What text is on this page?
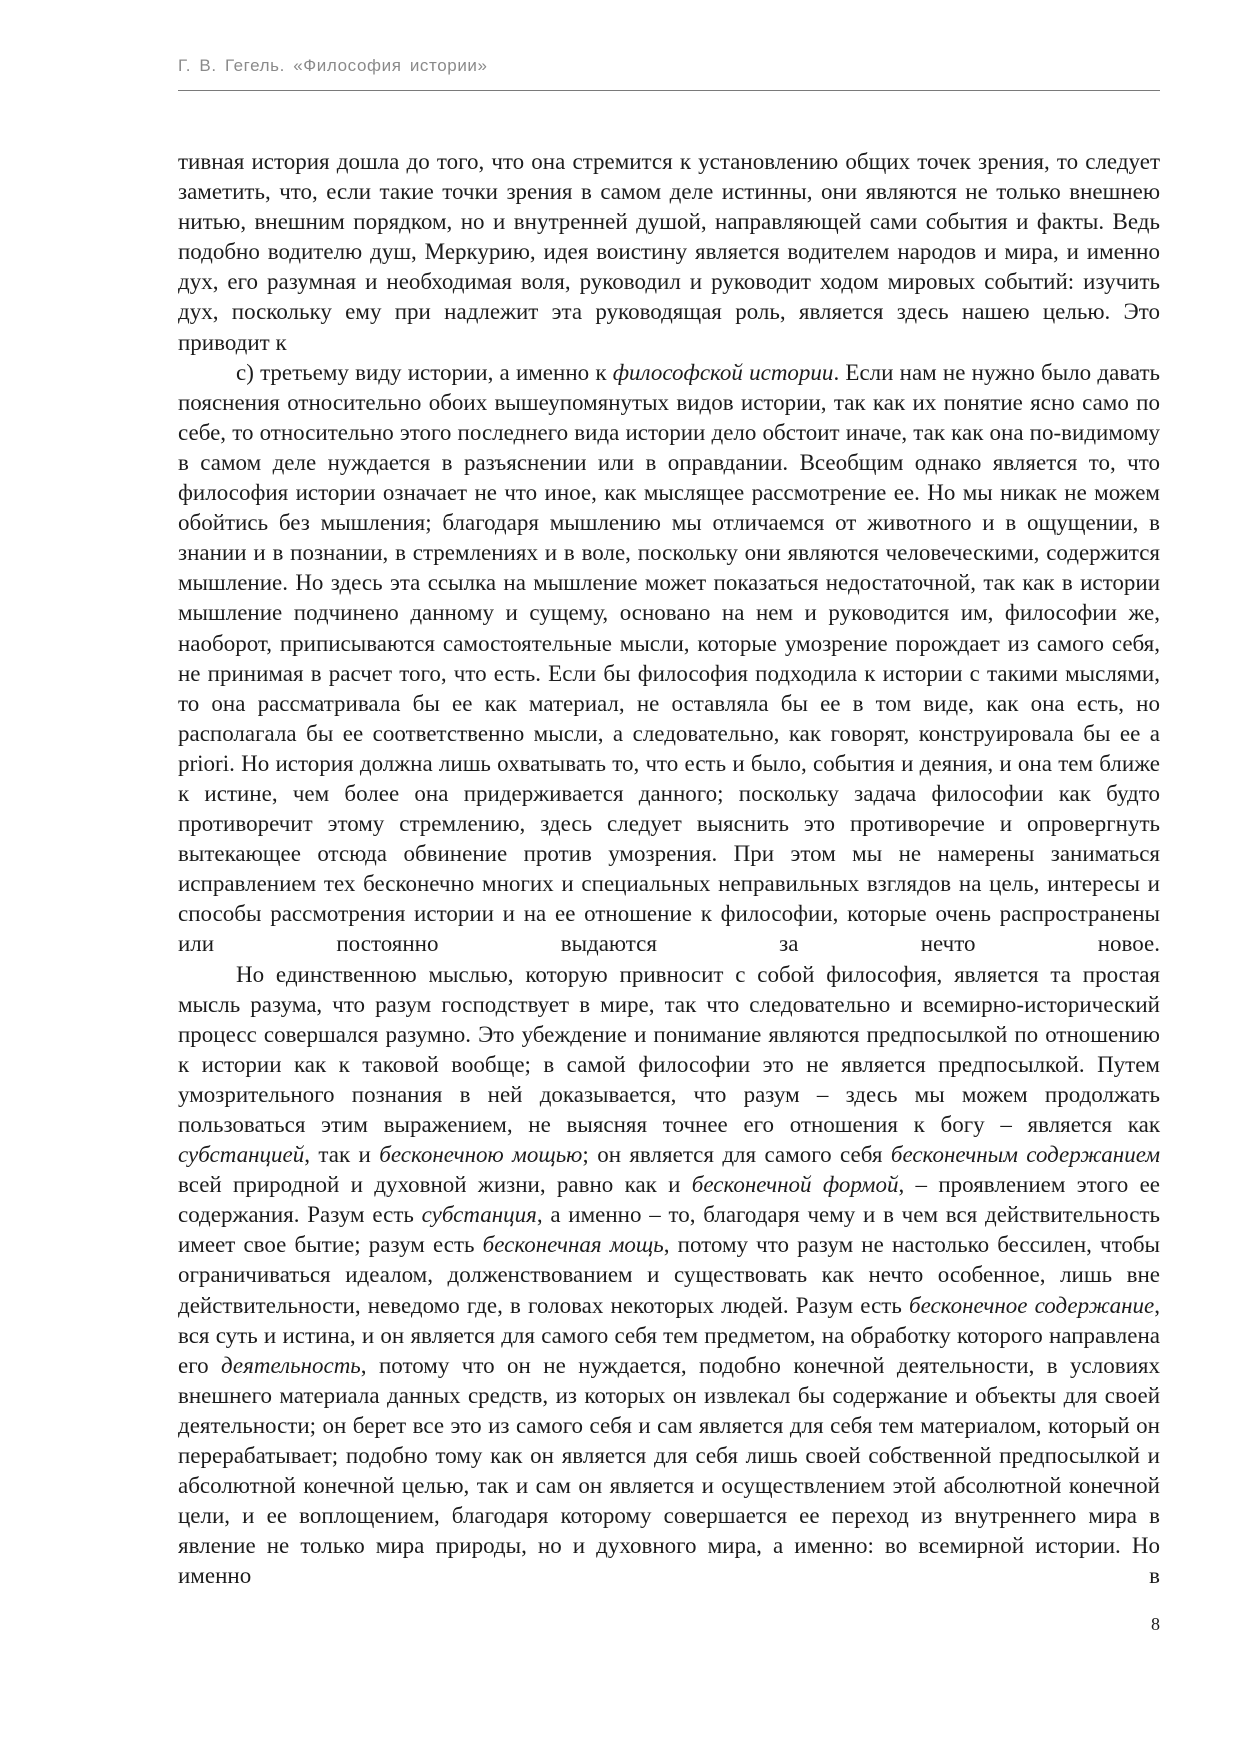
Г. В. Гегель. «Философия истории»

тивная история дошла до того, что она стремится к установлению общих точек зрения, то следует заметить, что, если такие точки зрения в самом деле истинны, они являются не только внешнею нитью, внешним порядком, но и внутренней душой, направляющей сами события и факты. Ведь подобно водителю душ, Меркурию, идея воистину является водителем народов и мира, и именно дух, его разумная и необходимая воля, руководил и руководит ходом мировых событий: изучить дух, поскольку ему при надлежит эта руководящая роль, является здесь нашею целью. Это приводит к

с) третьему виду истории, а именно к философской истории. Если нам не нужно было давать пояснения относительно обоих вышеупомянутых видов истории, так как их понятие ясно само по себе, то относительно этого последнего вида истории дело обстоит иначе, так как она по-видимому в самом деле нуждается в разъяснении или в оправдании. Всеобщим однако является то, что философия истории означает не что иное, как мыслящее рассмотрение ее. Но мы никак не можем обойтись без мышления; благодаря мышлению мы отличаемся от животного и в ощущении, в знании и в познании, в стремлениях и в воле, поскольку они являются человеческими, содержится мышление. Но здесь эта ссылка на мышление может показаться недостаточной, так как в истории мышление подчинено данному и сущему, основано на нем и руководится им, философии же, наоборот, приписываются самостоятельные мысли, которые умозрение порождает из самого себя, не принимая в расчет того, что есть. Если бы философия подходила к истории с такими мыслями, то она рассматривала бы ее как материал, не оставляла бы ее в том виде, как она есть, но располагала бы ее соответственно мысли, а следовательно, как говорят, конструировала бы ее a priori. Но история должна лишь охватывать то, что есть и было, события и деяния, и она тем ближе к истине, чем более она придерживается данного; поскольку задача философии как будто противоречит этому стремлению, здесь следует выяснить это противоречие и опровергнуть вытекающее отсюда обвинение против умозрения. При этом мы не намерены заниматься исправлением тех бесконечно многих и специальных неправильных взглядов на цель, интересы и способы рассмотрения истории и на ее отношение к философии, которые очень распространены или постоянно выдаются за нечто новое.

Но единственною мыслью, которую привносит с собой философия, является та простая мысль разума, что разум господствует в мире, так что следовательно и всемирно-исторический процесс совершался разумно. Это убеждение и понимание являются предпосылкой по отношению к истории как к таковой вообще; в самой философии это не является предпосылкой. Путем умозрительного познания в ней доказывается, что разум – здесь мы можем продолжать пользоваться этим выражением, не выясняя точнее его отношения к богу – является как субстанцией, так и бесконечною мощью; он является для самого себя бесконечным содержанием всей природной и духовной жизни, равно как и бесконечной формой, – проявлением этого ее содержания. Разум есть субстанция, а именно – то, благодаря чему и в чем вся действительность имеет свое бытие; разум есть бесконечная мощь, потому что разум не настолько бессилен, чтобы ограничиваться идеалом, долженствованием и существовать как нечто особенное, лишь вне действительности, неведомо где, в головах некоторых людей. Разум есть бесконечное содержание, вся суть и истина, и он является для самого себя тем предметом, на обработку которого направлена его деятельность, потому что он не нуждается, подобно конечной деятельности, в условиях внешнего материала данных средств, из которых он извлекал бы содержание и объекты для своей деятельности; он берет все это из самого себя и сам является для себя тем материалом, который он перерабатывает; подобно тому как он является для себя лишь своей собственной предпосылкой и абсолютной конечной целью, так и сам он является и осуществлением этой абсолютной конечной цели, и ее воплощением, благодаря которому совершается ее переход из внутреннего мира в явление не только мира природы, но и духовного мира, а именно: во всемирной истории. Но именно в

8
